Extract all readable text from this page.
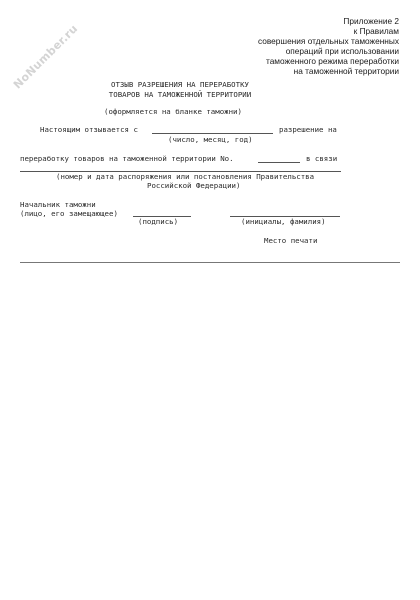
NoNumber.ru
Приложение 2
к Правилам
совершения отдельных таможенных
операций при использовании
таможенного режима переработки
на таможенной территории
ОТЗЫВ РАЗРЕШЕНИЯ НА ПЕРЕРАБОТКУ
ТОВАРОВ НА ТАМОЖЕННОЙ ТЕРРИТОРИИ
(оформляется на бланке таможни)
Настоящим отзывается с	разрешение на
(число, месяц, год)
переработку товаров на таможенной территории No.	в связи
(номер и дата распоряжения или постановления Правительства
Российской Федерации)
Начальник таможни
(лицо, его замещающее)
(подпись)	(инициалы, фамилия)
Место печати
